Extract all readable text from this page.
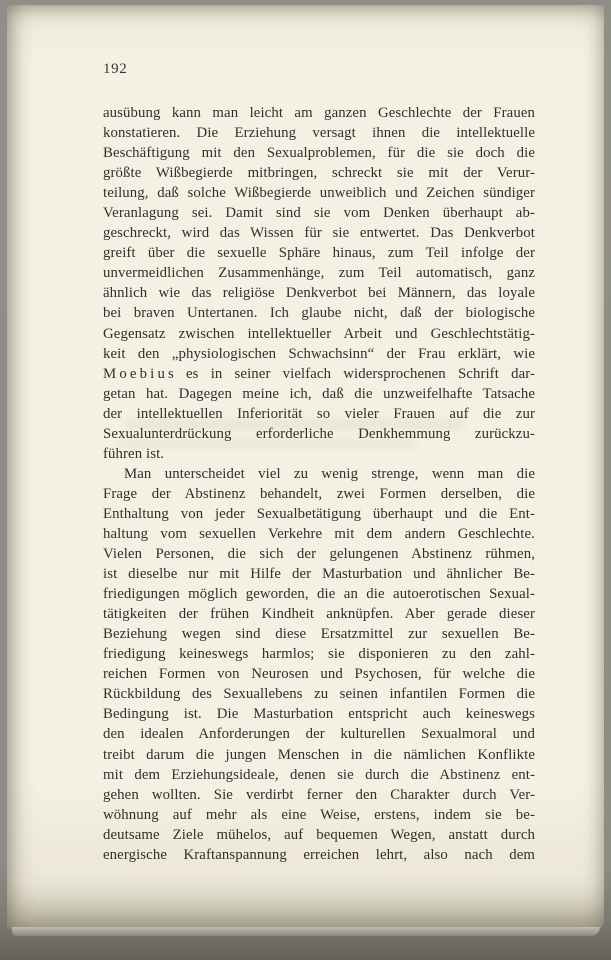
192
ausübung kann man leicht am ganzen Geschlechte der Frauen
konstatieren. Die Erziehung versagt ihnen die intellektuelle
Beschäftigung mit den Sexualproblemen, für die sie doch die
größte Wißbegierde mitbringen, schreckt sie mit der Verur-
teilung, daß solche Wißbegierde unweiblich und Zeichen sündiger
Veranlagung sei. Damit sind sie vom Denken überhaupt ab-
geschreckt, wird das Wissen für sie entwertet. Das Denkverbot
greift über die sexuelle Sphäre hinaus, zum Teil infolge der
unvermeidlichen Zusammenhänge, zum Teil automatisch, ganz
ähnlich wie das religiöse Denkverbot bei Männern, das loyale
bei braven Untertanen. Ich glaube nicht, daß der biologische
Gegensatz zwischen intellektueller Arbeit und Geschlechtstätig-
keit den „physiologischen Schwachsinn“ der Frau erklärt, wie
M o e b i u s es in seiner vielfach widersprochenen Schrift dar-
getan hat. Dagegen meine ich, daß die unzweifelhafte Tatsache
der intellektuellen Inferiorität so vieler Frauen auf die zur
Sexualunterdrückung erforderliche Denkhemmung zurückzu-
führen ist.
Man unterscheidet viel zu wenig strenge, wenn man die
Frage der Abstinenz behandelt, zwei Formen derselben, die
Enthaltung von jeder Sexualbetätigung überhaupt und die Ent-
haltung vom sexuellen Verkehre mit dem andern Geschlechte.
Vielen Personen, die sich der gelungenen Abstinenz rühmen,
ist dieselbe nur mit Hilfe der Masturbation und ähnlicher Be-
friedigungen möglich geworden, die an die autoerotischen Sexual-
tätigkeiten der frühen Kindheit anknüpfen. Aber gerade dieser
Beziehung wegen sind diese Ersatzmittel zur sexuellen Be-
friedigung keineswegs harmlos; sie disponieren zu den zahl-
reichen Formen von Neurosen und Psychosen, für welche die
Rückbildung des Sexuallebens zu seinen infantilen Formen die
Bedingung ist. Die Masturbation entspricht auch keineswegs
den idealen Anforderungen der kulturellen Sexualmoral und
treibt darum die jungen Menschen in die nämlichen Konflikte
mit dem Erziehungsideale, denen sie durch die Abstinenz ent-
gehen wollten. Sie verdirbt ferner den Charakter durch Ver-
wöhnung auf mehr als eine Weise, erstens, indem sie be-
deutsame Ziele mühelos, auf bequemen Wegen, anstatt durch
energische Kraftanspannung erreichen lehrt, also nach dem
